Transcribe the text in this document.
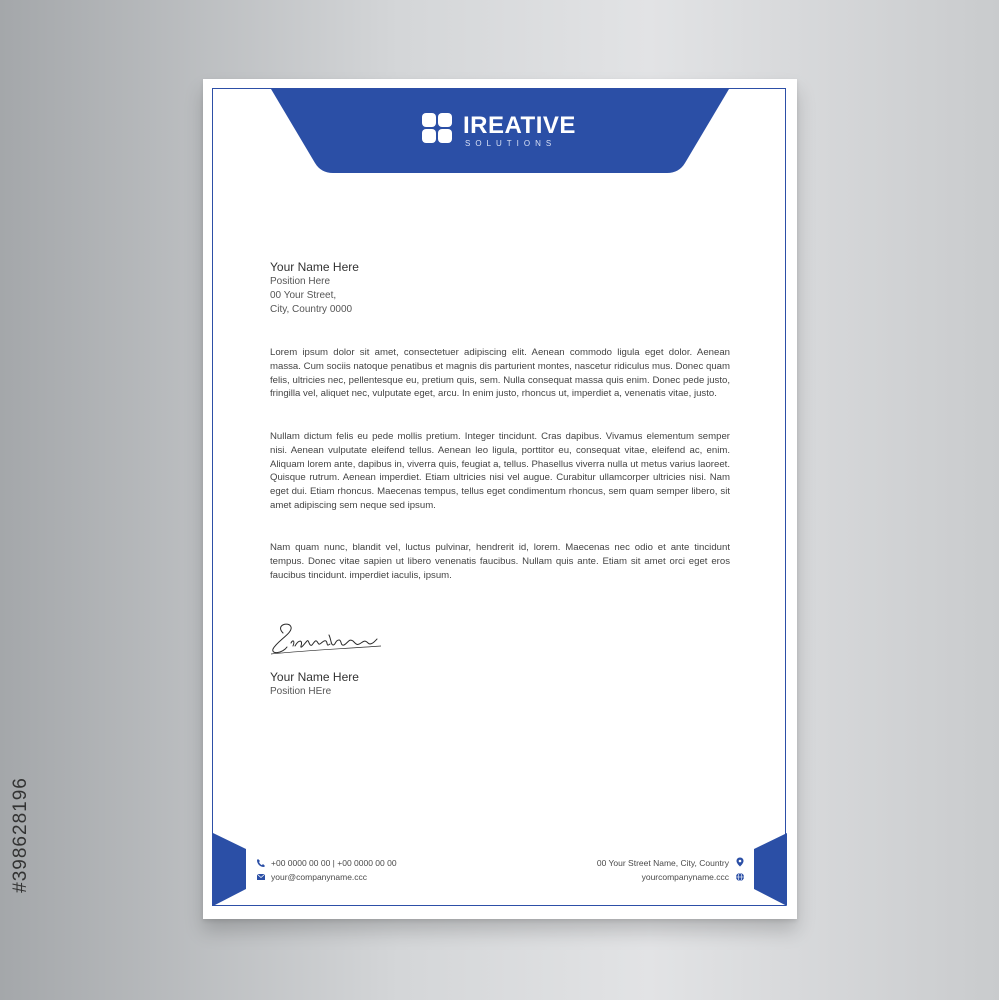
#398628196
IREATIVE
SOLUTIONS
Your Name Here
Position Here
00 Your Street,
City, Country 0000

Lorem ipsum dolor sit amet, consectetuer adipiscing elit. Aenean commodo ligula eget dolor. Aenean massa. Cum sociis natoque penatibus et magnis dis parturient montes, nascetur ridiculus mus. Donec quam felis, ultricies nec, pellentesque eu, pretium quis, sem. Nulla consequat massa quis enim. Donec pede justo, fringilla vel, aliquet nec, vulputate eget, arcu. In enim justo, rhoncus ut, imperdiet a, venenatis vitae, justo.

Nullam dictum felis eu pede mollis pretium. Integer tincidunt. Cras dapibus. Vivamus elementum semper nisi. Aenean vulputate eleifend tellus. Aenean leo ligula, porttitor eu, consequat vitae, eleifend ac, enim. Aliquam lorem ante, dapibus in, viverra quis, feugiat a, tellus. Phasellus viverra nulla ut metus varius laoreet. Quisque rutrum. Aenean imperdiet. Etiam ultricies nisi vel augue. Curabitur ullamcorper ultricies nisi. Nam eget dui. Etiam rhoncus. Maecenas tempus, tellus eget condimentum rhoncus, sem quam semper libero, sit amet adipiscing sem neque sed ipsum.

Nam quam nunc, blandit vel, luctus pulvinar, hendrerit id, lorem. Maecenas nec odio et ante tincidunt tempus. Donec vitae sapien ut libero venenatis faucibus. Nullam quis ante. Etiam sit amet orci eget eros faucibus tincidunt. imperdiet iaculis, ipsum.

Your Name Here
Position HEre
+00 0000 00 00 | +00 0000 00 00
your@companyname.ccc
00 Your Street Name, City, Country
yourcompanyname.ccc
